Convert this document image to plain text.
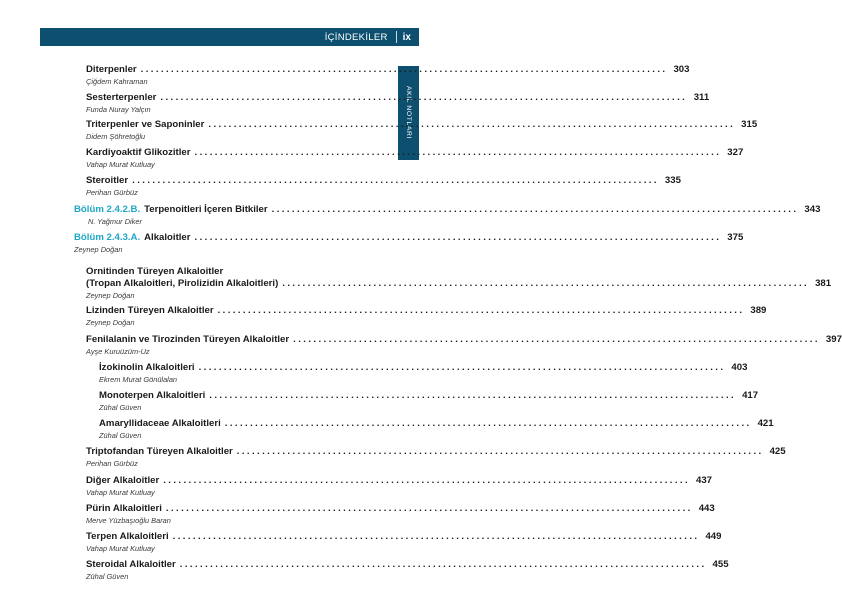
İÇİNDEKİLER	ix
AKIL NOTLARI
Diterpenler ........................................................................................................ 303
Çiğdem Kahraman
Sesterterpenler ........................................................................................................ 311
Funda Nuray Yalçın
Triterpenler ve Saponinler ........................................................................................................ 315
Didem Şöhretoğlu
Kardiyoaktif Glikozitler ........................................................................................................ 327
Vahap Murat Kutluay
Steroitler ........................................................................................................ 335
Perihan Gürbüz
Bölüm 2.4.2.B. Terpenoitleri İçeren Bitkiler ........................................................................................................ 343
N. Yağmur Diker
Bölüm 2.4.3.A. Alkaloitler ........................................................................................................ 375
Zeynep Doğan
Ornitinden Türeyen Alkaloitler
(Tropan Alkaloitleri, Pirolizidin Alkaloitleri) ........................................................................................................ 381
Zeynep Doğan
Lizinden Türeyen Alkaloitler ........................................................................................................ 389
Zeynep Doğan
Fenilalanin ve Tirozinden Türeyen Alkaloitler ........................................................................................................ 397
Ayşe Kuruüzüm-Uz
İzokinolin Alkaloitleri ........................................................................................................ 403
Ekrem Murat Gönülalan
Monoterpen Alkaloitleri ........................................................................................................ 417
Zühal Güven
Amaryllidaceae Alkaloitleri ........................................................................................................ 421
Zühal Güven
Triptofandan Türeyen Alkaloitler ........................................................................................................ 425
Perihan Gürbüz
Diğer Alkaloitler ........................................................................................................ 437
Vahap Murat Kutluay
Pürin Alkaloitleri ........................................................................................................ 443
Merve Yüzbaşıoğlu Baran
Terpen Alkaloitleri ........................................................................................................ 449
Vahap Murat Kutluay
Steroidal Alkaloitler ........................................................................................................ 455
Zühal Güven
